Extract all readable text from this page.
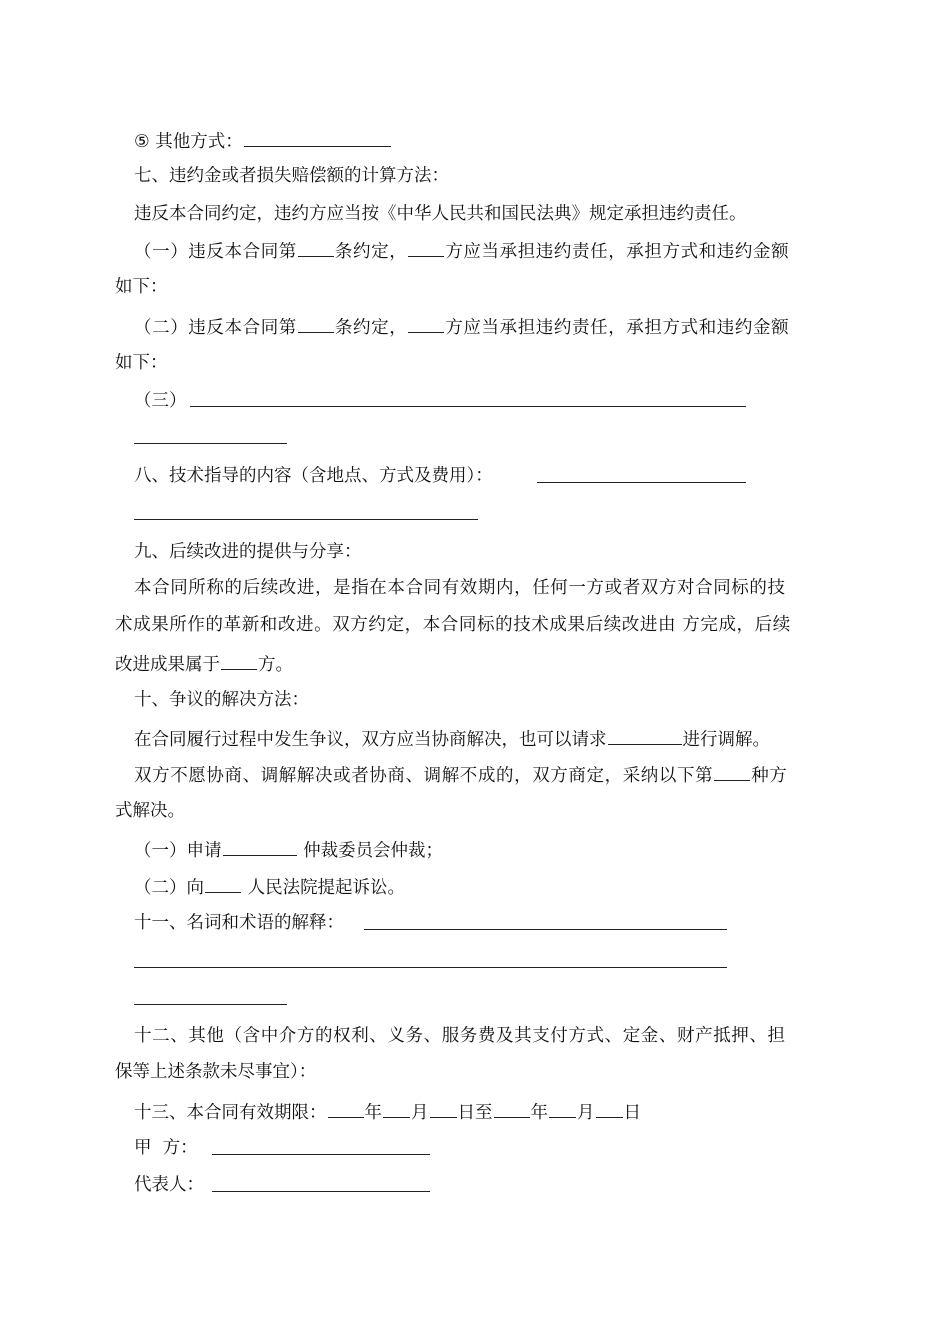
⑤ 其他方式：
七、违约金或者损失赔偿额的计算方法：
违反本合同约定，违约方应当按《中华人民共和国民法典》规定承担违约责任。
（一）违反本合同第 条约定， 方应当承担违约责任，承担方式和违约金额
如下：
（二）违反本合同第 条约定， 方应当承担违约责任，承担方式和违约金额
如下：
（三）
八、技术指导的内容（含地点、方式及费用）：
九、后续改进的提供与分享：
本合同所称的后续改进，是指在本合同有效期内，任何一方或者双方对合同标的技
术成果所作的革新和改进。双方约定，本合同标的技术成果后续改进由 方完成，后续
改进成果属于 方。
十、争议的解决方法：
在合同履行过程中发生争议，双方应当协商解决，也可以请求	进行调解。
双方不愿协商、调解解决或者协商、调解不成的，双方商定，采纳以下第 种方
式解决。
（一）申请	仲裁委员会仲裁；
（二）向 人民法院提起诉讼。
十一、名词和术语的解释：
十二、其他（含中介方的权利、义务、服务费及其支付方式、定金、财产抵押、担
保等上述条款未尽事宜）：
十三、本合同有效期限： 年 月 日至 年 月 日
甲  方：
代表人：
